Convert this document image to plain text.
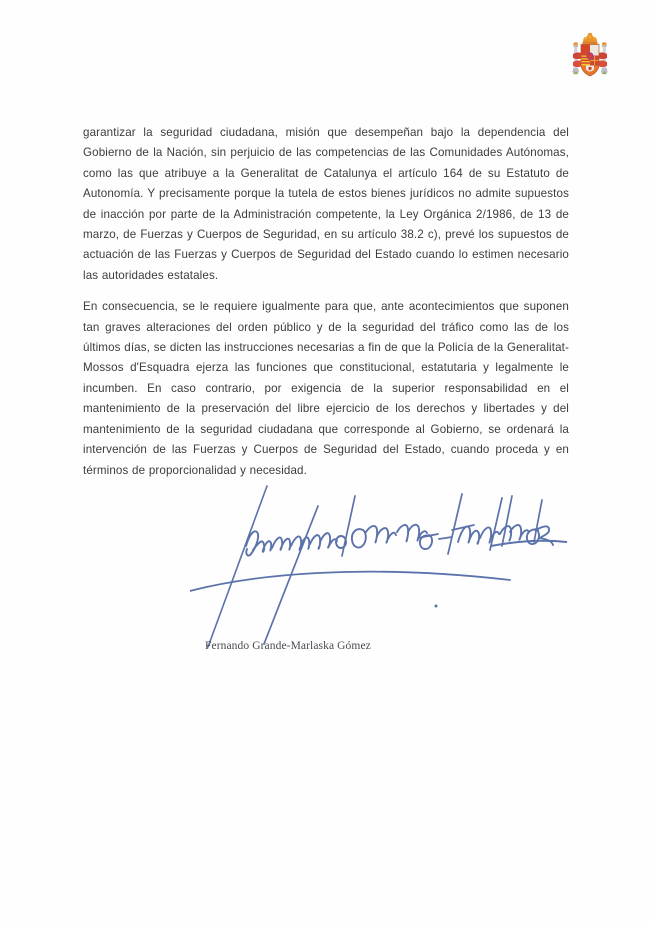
garantizar la seguridad ciudadana, misión que desempeñan bajo la dependencia del Gobierno de la Nación, sin perjuicio de las competencias de las Comunidades Autónomas, como las que atribuye a la Generalitat de Catalunya el artículo 164 de su Estatuto de Autonomía. Y precisamente porque la tutela de estos bienes jurídicos no admite supuestos de inacción por parte de la Administración competente, la Ley Orgánica 2/1986, de 13 de marzo, de Fuerzas y Cuerpos de Seguridad, en su artículo 38.2 c), prevé los supuestos de actuación de las Fuerzas y Cuerpos de Seguridad del Estado cuando lo estimen necesario las autoridades estatales.

En consecuencia, se le requiere igualmente para que, ante acontecimientos que suponen tan graves alteraciones del orden público y de la seguridad del tráfico como las de los últimos días, se dicten las instrucciones necesarias a fin de que la Policía de la Generalitat-Mossos d'Esquadra ejerza las funciones que constitucional, estatutaria y legalmente le incumben. En caso contrario, por exigencia de la superior responsabilidad en el mantenimiento de la preservación del libre ejercicio de los derechos y libertades y del mantenimiento de la seguridad ciudadana que corresponde al Gobierno, se ordenará la intervención de las Fuerzas y Cuerpos de Seguridad del Estado, cuando proceda y en términos de proporcionalidad y necesidad.

Fernando Grande-Marlaska Gómez
